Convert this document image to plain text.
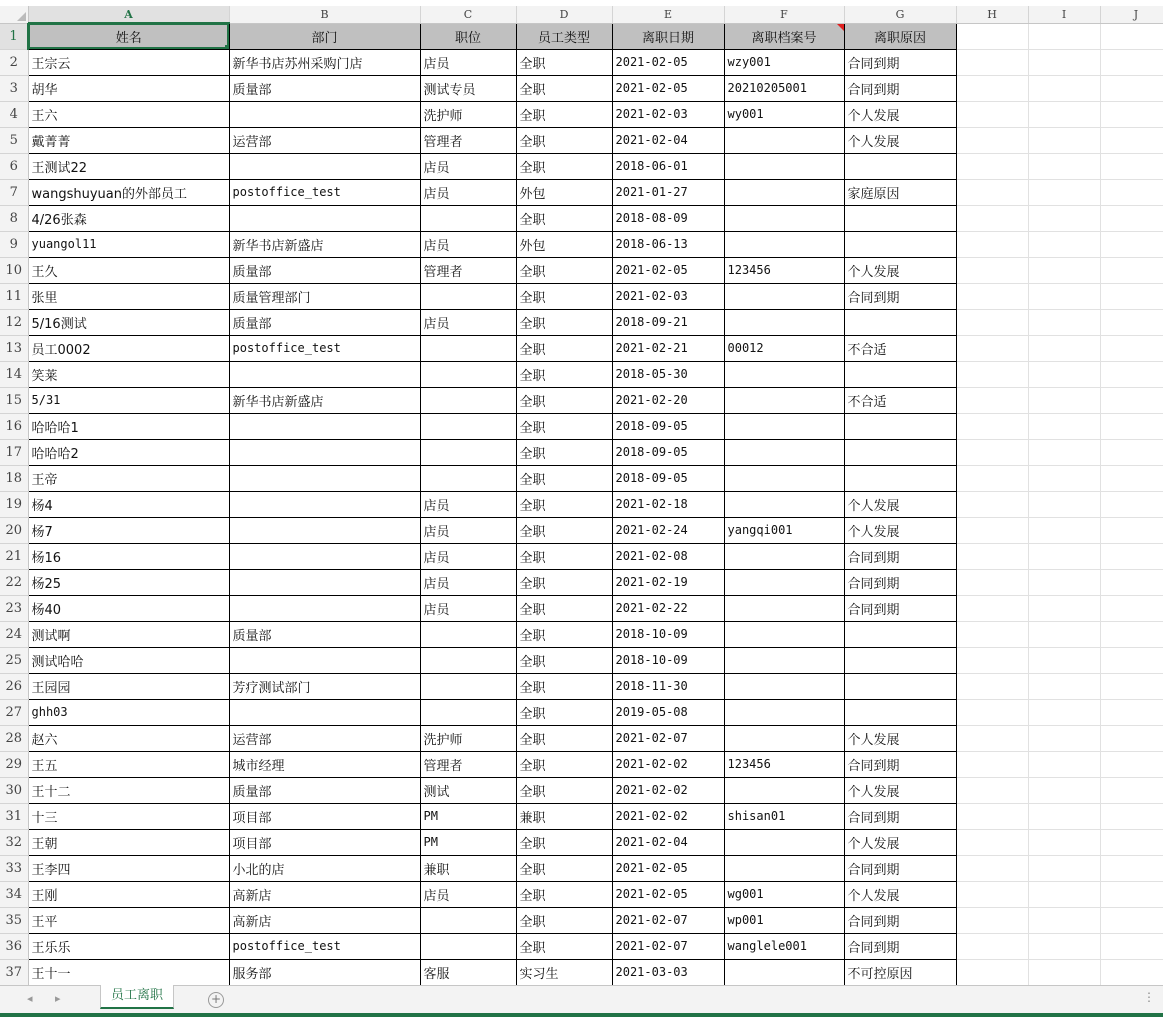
	A	B	C	D	E	F	G	H	I	J
1	姓名	部门	职位	员工类型	离职日期	离职档案号	离职原因			
2	王宗云	新华书店苏州采购门店	店员	全职	2021-02-05	wzy001	合同到期			
3	胡华	质量部	测试专员	全职	2021-02-05	20210205001	合同到期			
4	王六		洗护师	全职	2021-02-03	wy001	个人发展			
5	戴菁菁	运营部	管理者	全职	2021-02-04		个人发展			
6	王测试22		店员	全职	2018-06-01					
7	wangshuyuan的外部员工	postoffice_test	店员	外包	2021-01-27		家庭原因			
8	4/26张森			全职	2018-08-09					
9	yuangol11	新华书店新盛店	店员	外包	2018-06-13					
10	王久	质量部	管理者	全职	2021-02-05	123456	个人发展			
11	张里	质量管理部门		全职	2021-02-03		合同到期			
12	5/16测试	质量部	店员	全职	2018-09-21					
13	员工0002	postoffice_test		全职	2021-02-21	00012	不合适			
14	笑莱			全职	2018-05-30					
15	5/31	新华书店新盛店		全职	2021-02-20		不合适			
16	哈哈哈1			全职	2018-09-05					
17	哈哈哈2			全职	2018-09-05					
18	王帝			全职	2018-09-05					
19	杨4		店员	全职	2021-02-18		个人发展			
20	杨7		店员	全职	2021-02-24	yangqi001	个人发展			
21	杨16		店员	全职	2021-02-08		合同到期			
22	杨25		店员	全职	2021-02-19		合同到期			
23	杨40		店员	全职	2021-02-22		合同到期			
24	测试啊	质量部		全职	2018-10-09					
25	测试哈哈			全职	2018-10-09					
26	王园园	芳疗测试部门		全职	2018-11-30					
27	ghh03			全职	2019-05-08					
28	赵六	运营部	洗护师	全职	2021-02-07		个人发展			
29	王五	城市经理	管理者	全职	2021-02-02	123456	合同到期			
30	王十二	质量部	测试	全职	2021-02-02		个人发展			
31	十三	项目部	PM	兼职	2021-02-02	shisan01	合同到期			
32	王朝	项目部	PM	全职	2021-02-04		个人发展			
33	王李四	小北的店	兼职	全职	2021-02-05		合同到期			
34	王刚	高新店	店员	全职	2021-02-05	wg001	个人发展			
35	王平	高新店		全职	2021-02-07	wp001	合同到期			
36	王乐乐	postoffice_test		全职	2021-02-07	wanglele001	合同到期			
37	王十一	服务部	客服	实习生	2021-03-03		不可控原因			
◂ ▸	员工离职	+	⋮
